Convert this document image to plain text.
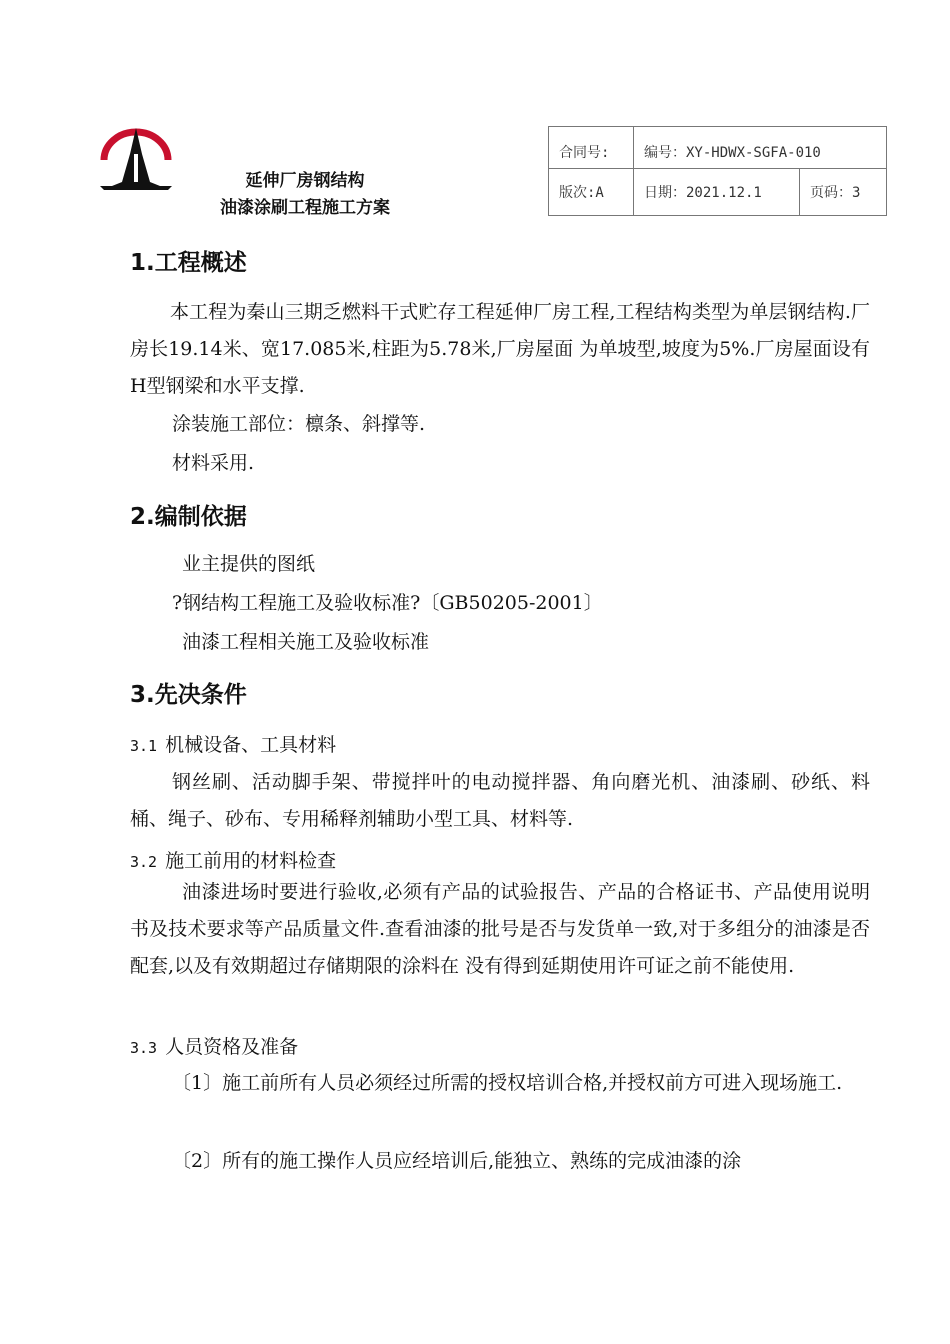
延伸厂房钢结构
油漆涂刷工程施工方案
合同号:	编号：XY-HDWX-SGFA-010	
版次:A	日期：2021.12.1	页码：3
1.工程概述
本工程为秦山三期乏燃料干式贮存工程延伸厂房工程,工程结构类型为单层钢结构.厂房长19.14米、宽17.085米,柱距为5.78米,厂房屋面 为单坡型,坡度为5%.厂房屋面设有H型钢梁和水平支撑.
涂装施工部位：檩条、斜撑等.
材料采用.
2.编制依据
业主提供的图纸
?钢结构工程施工及验收标准?〔GB50205-2001〕
油漆工程相关施工及验收标准
3.先决条件
3.1 机械设备、工具材料
钢丝刷、活动脚手架、带搅拌叶的电动搅拌器、角向磨光机、油漆刷、砂纸、料桶、绳子、砂布、专用稀释剂辅助小型工具、材料等.
3.2 施工前用的材料检查
油漆进场时要进行验收,必须有产品的试验报告、产品的合格证书、产品使用说明书及技术要求等产品质量文件.查看油漆的批号是否与发货单一致,对于多组分的油漆是否配套,以及有效期超过存储期限的涂料在 没有得到延期使用许可证之前不能使用.
3.3 人员资格及准备
〔1〕施工前所有人员必须经过所需的授权培训合格,并授权前方可进入现场施工.
〔2〕所有的施工操作人员应经培训后,能独立、熟练的完成油漆的涂
